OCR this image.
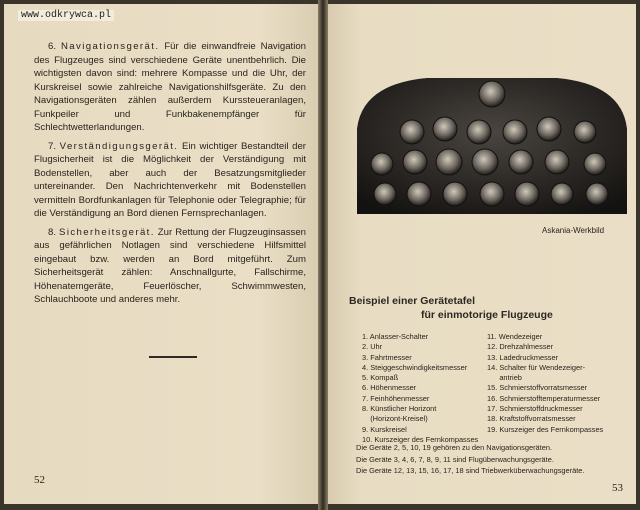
6. Navigationsgerät. Für die einwandfreie Navigation des Flugzeuges sind verschiedene Geräte unentbehrlich. Die wichtigsten davon sind: mehrere Kompasse und die Uhr, der Kurskreisel sowie zahlreiche Navigationshilfsgeräte. Zu den Navigationsgeräten zählen außerdem Kurssteueranlagen, Funkpeiler und Funkbakenempfänger für Schlechtwetterlandungen.

7. Verständigungsgerät. Ein wichtiger Bestandteil der Flugsicherheit ist die Möglichkeit der Verständigung mit Bodenstellen, aber auch der Besatzungsmitglieder untereinander. Den Nachrichtenverkehr mit Bodenstellen vermitteln Bordfunkanlagen für Telephonie oder Telegraphie; für die Verständigung an Bord dienen Fernsprechanlagen.

8. Sicherheitsgerät. Zur Rettung der Flugzeuginsassen aus gefährlichen Notlagen sind verschiedene Hilfsmittel eingebaut bzw. werden an Bord mitgeführt. Zum Sicherheitsgerät zählen: Anschnallgurte, Fallschirme, Höhenatemgeräte, Feuerlöscher, Schwimmwesten, Schlauchboote und anderes mehr.

52
Askania-Werkbild
Beispiel einer Gerätetafel
für einmotorige Flugzeuge
1. Anlasser-Schalter
2. Uhr
3. Fahrtmesser
4. Steiggeschwindigkeitsmesser
5. Kompaß
6. Höhenmesser
7. Feinhöhenmesser
8. Künstlicher Horizont
(Horizont-Kreisel)
9. Kurskreisel
10. Kurszeiger des Fernkompasses
11. Wendezeiger
12. Drehzahlmesser
13. Ladedruckmesser
14. Schalter für Wendezeiger-
antrieb
15. Schmierstoffvorratsmesser
16. Schmierstofftemperaturmesser
17. Schmierstoffdruckmesser
18. Kraftstoffvorratsmesser
19. Kurszeiger des Fernkompasses
Die Geräte 2, 5, 10, 19 gehören zu den Navigationsgeräten.
Die Geräte 3, 4, 6, 7, 8, 9, 11 sind Flugüberwachungsgeräte.
Die Geräte 12, 13, 15, 16, 17, 18 sind Triebwerküberwachungsgeräte.
53
www.odkrywca.pl
